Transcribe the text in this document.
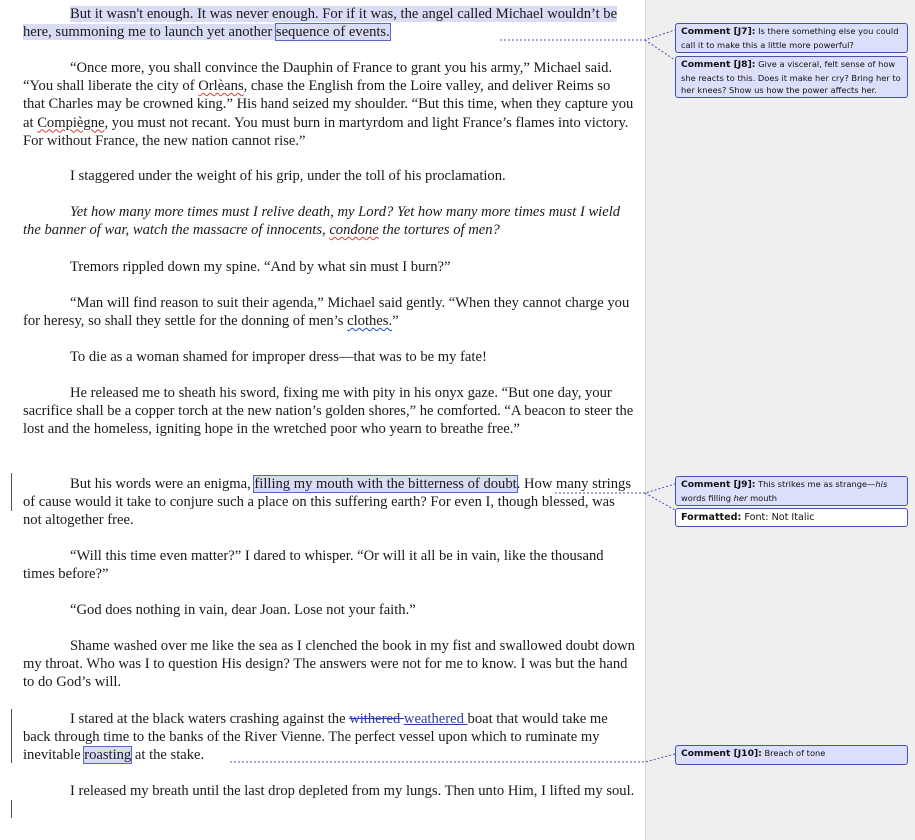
But it wasn't enough. It was never enough. For if it was, the angel called Michael wouldn’t be here, summoning me to launch yet another sequence of events.
“Once more, you shall convince the Dauphin of France to grant you his army,” Michael said. “You shall liberate the city of Orlèans, chase the English from the Loire valley, and deliver Reims so that Charles may be crowned king.” His hand seized my shoulder. “But this time, when they capture you at Compiègne, you must not recant. You must burn in martyrdom and light France’s flames into victory. For without France, the new nation cannot rise.”
I staggered under the weight of his grip, under the toll of his proclamation.
Yet how many more times must I relive death, my Lord? Yet how many more times must I wield the banner of war, watch the massacre of innocents, condone the tortures of men?
Tremors rippled down my spine. “And by what sin must I burn?”
“Man will find reason to suit their agenda,” Michael said gently. “When they cannot charge you for heresy, so shall they settle for the donning of men’s clothes.”
To die as a woman shamed for improper dress—that was to be my fate!
He released me to sheath his sword, fixing me with pity in his onyx gaze. “But one day, your sacrifice shall be a copper torch at the new nation’s golden shores,” he comforted. “A beacon to steer the lost and the homeless, igniting hope in the wretched poor who yearn to breathe free.”
But his words were an enigma, filling my mouth with the bitterness of doubt. How many strings of cause would it take to conjure such a place on this suffering earth? For even I, though blessed, was not altogether free.
“Will this time even matter?” I dared to whisper. “Or will it all be in vain, like the thousand times before?”
“God does nothing in vain, dear Joan. Lose not your faith.”
Shame washed over me like the sea as I clenched the book in my fist and swallowed doubt down my throat. Who was I to question His design? The answers were not for me to know. I was but the hand to do God’s will.
I stared at the black waters crashing against the withered weathered boat that would take me back through time to the banks of the River Vienne. The perfect vessel upon which to ruminate my inevitable roasting at the stake.
I released my breath until the last drop depleted from my lungs. Then unto Him, I lifted my soul.
Comment [J7]: Is there something else you could call it to make this a little more powerful?
Comment [J8]: Give a visceral, felt sense of how she reacts to this. Does it make her cry? Bring her to her knees? Show us how the power affects her.
Comment [J9]: This strikes me as strange—his words filling her mouth
Formatted: Font: Not Italic
Comment [J10]: Breach of tone
